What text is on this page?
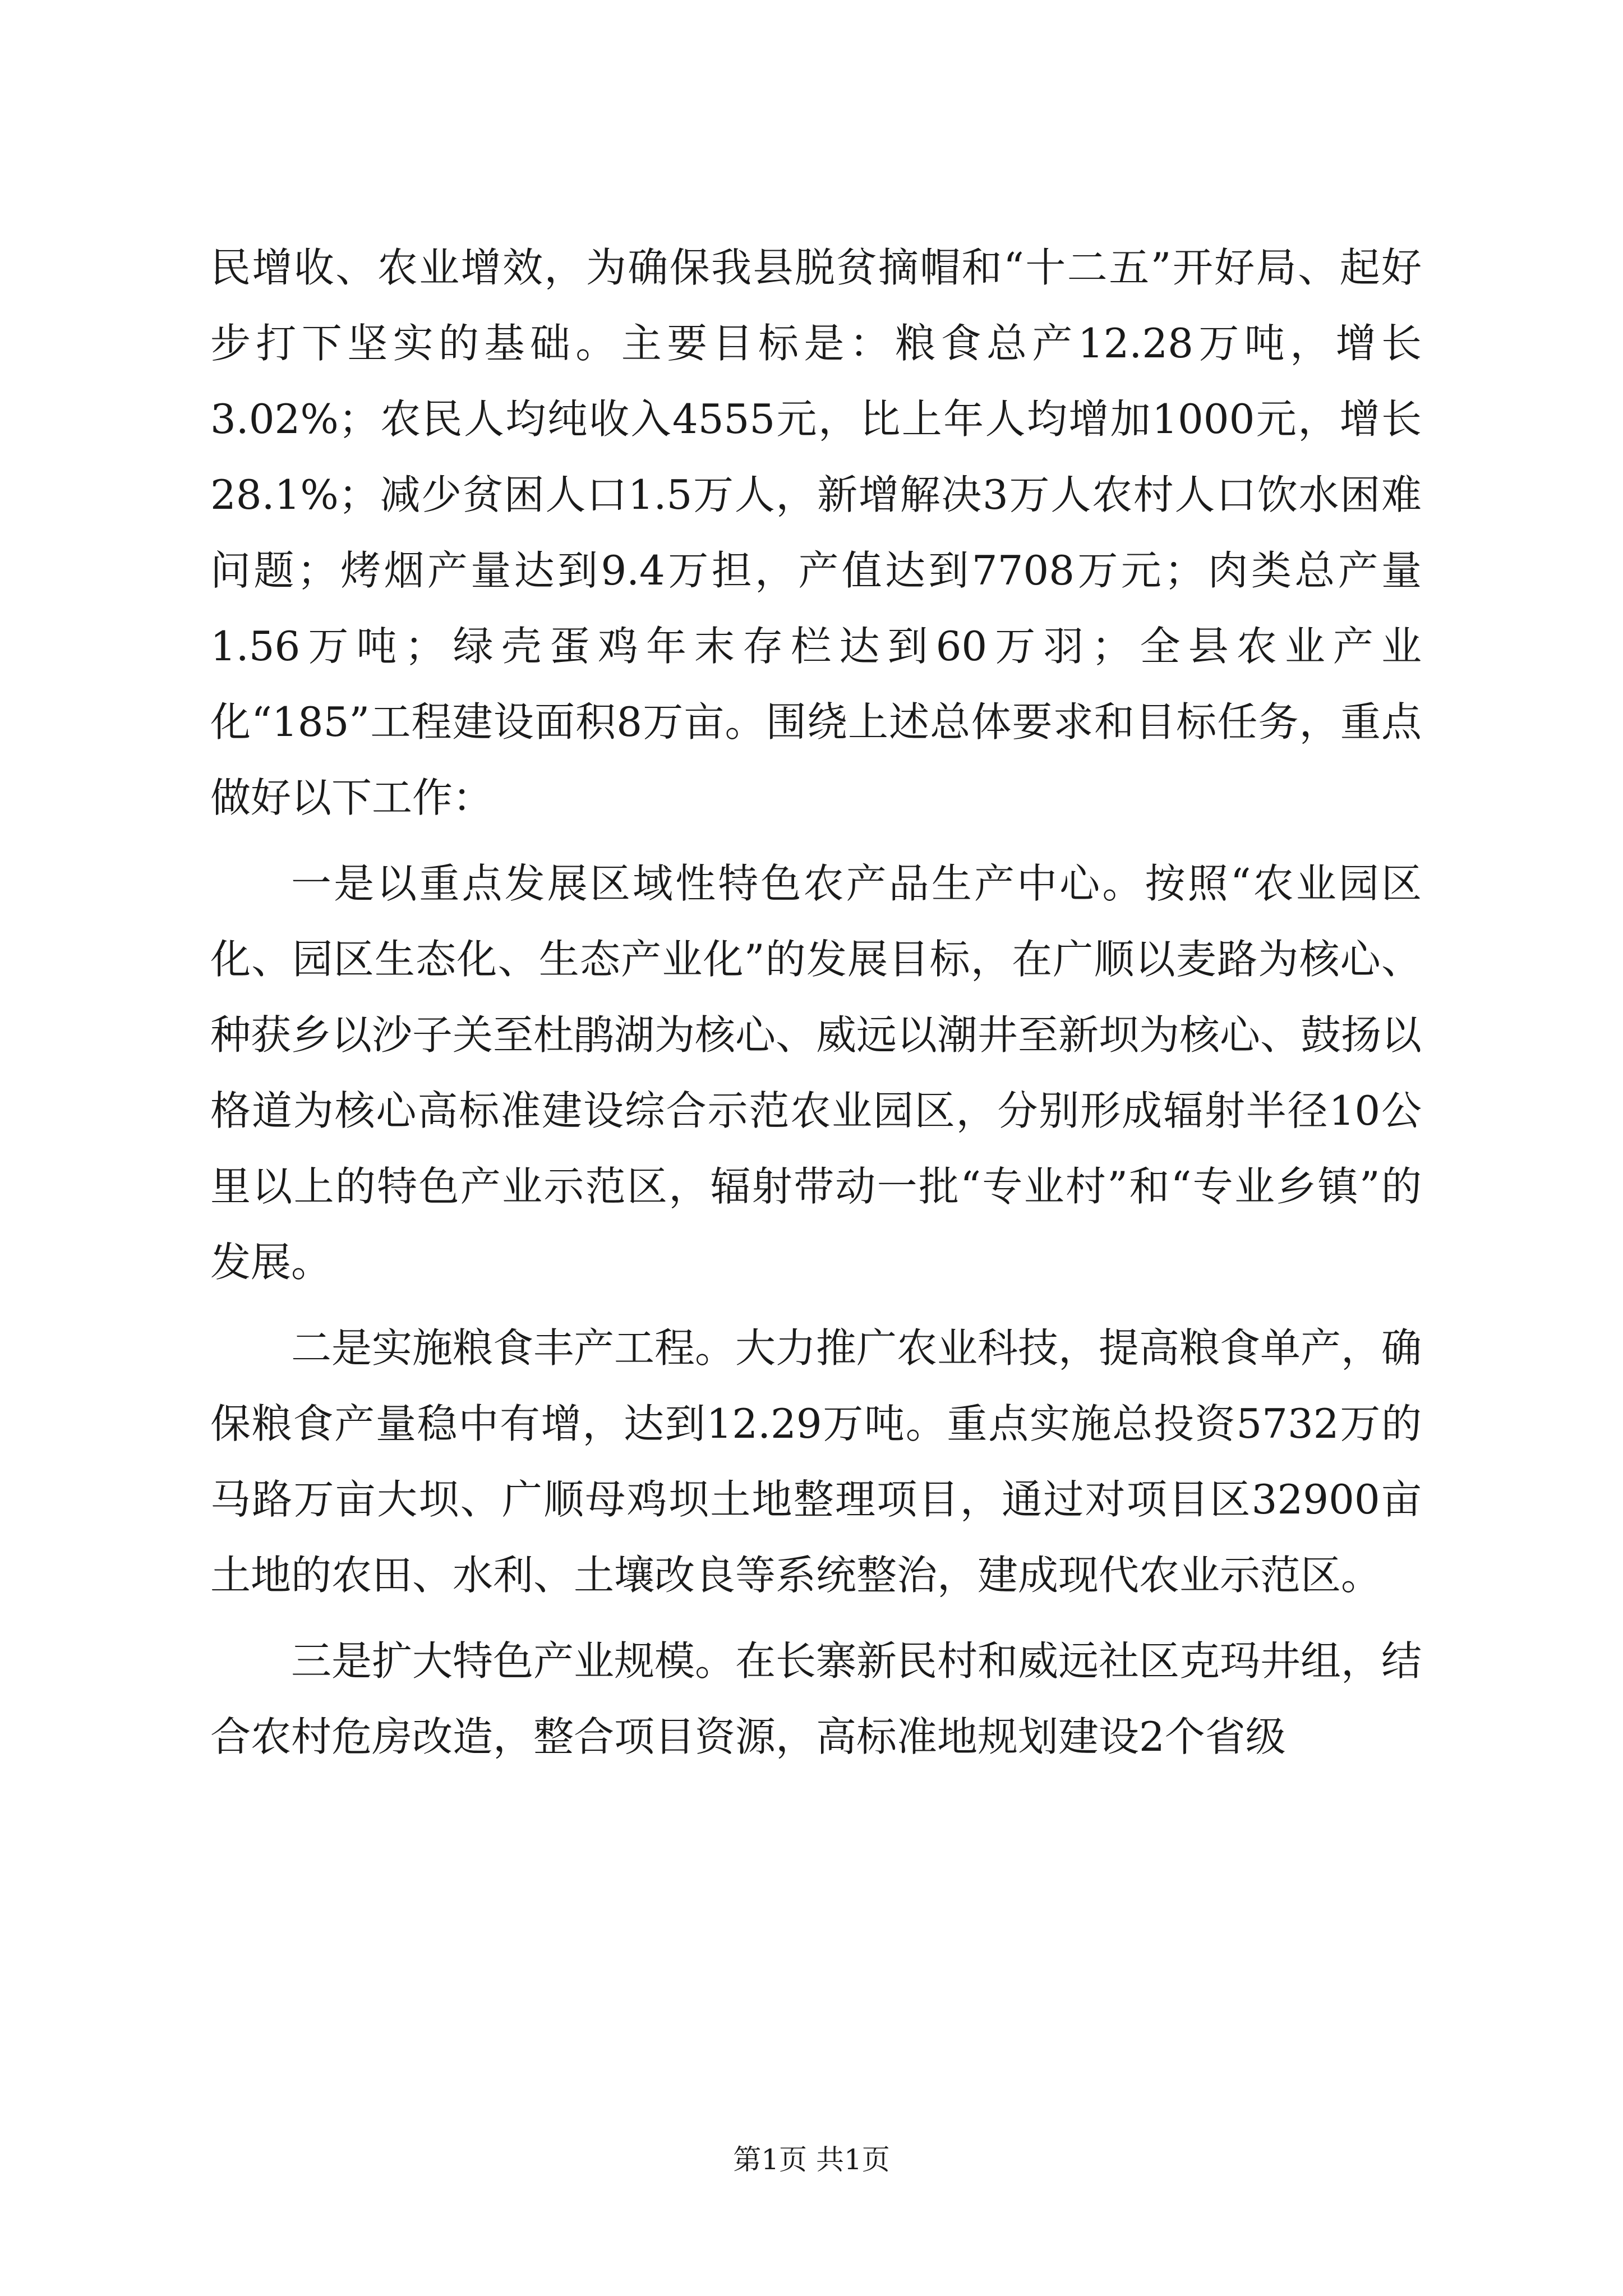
民增收、农业增效，为确保我县脱贫摘帽和“十二五”开好局、起好步打下坚实的基础。主要目标是：粮食总产12.28万吨，增长3.02%；农民人均纯收入4555元，比上年人均增加1000元，增长28.1%；减少贫困人口1.5万人，新增解决3万人农村人口饮水困难问题；烤烟产量达到9.4万担，产值达到7708万元；肉类总产量1.56万吨；绿壳蛋鸡年末存栏达到60万羽；全县农业产业化“185”工程建设面积8万亩。围绕上述总体要求和目标任务，重点做好以下工作：

一是以重点发展区域性特色农产品生产中心。按照“农业园区化、园区生态化、生态产业化”的发展目标，在广顺以麦路为核心、种获乡以沙子关至杜鹃湖为核心、威远以潮井至新坝为核心、鼓扬以格道为核心高标准建设综合示范农业园区，分别形成辐射半径10公里以上的特色产业示范区，辐射带动一批“专业村”和“专业乡镇”的发展。

二是实施粮食丰产工程。大力推广农业科技，提高粮食单产，确保粮食产量稳中有增，达到12.29万吨。重点实施总投资5732万的马路万亩大坝、广顺母鸡坝土地整理项目，通过对项目区32900亩土地的农田、水利、土壤改良等系统整治，建成现代农业示范区。

三是扩大特色产业规模。在长寨新民村和威远社区克玛井组，结合农村危房改造，整合项目资源，高标准地规划建设2个省级

第1页 共1页
